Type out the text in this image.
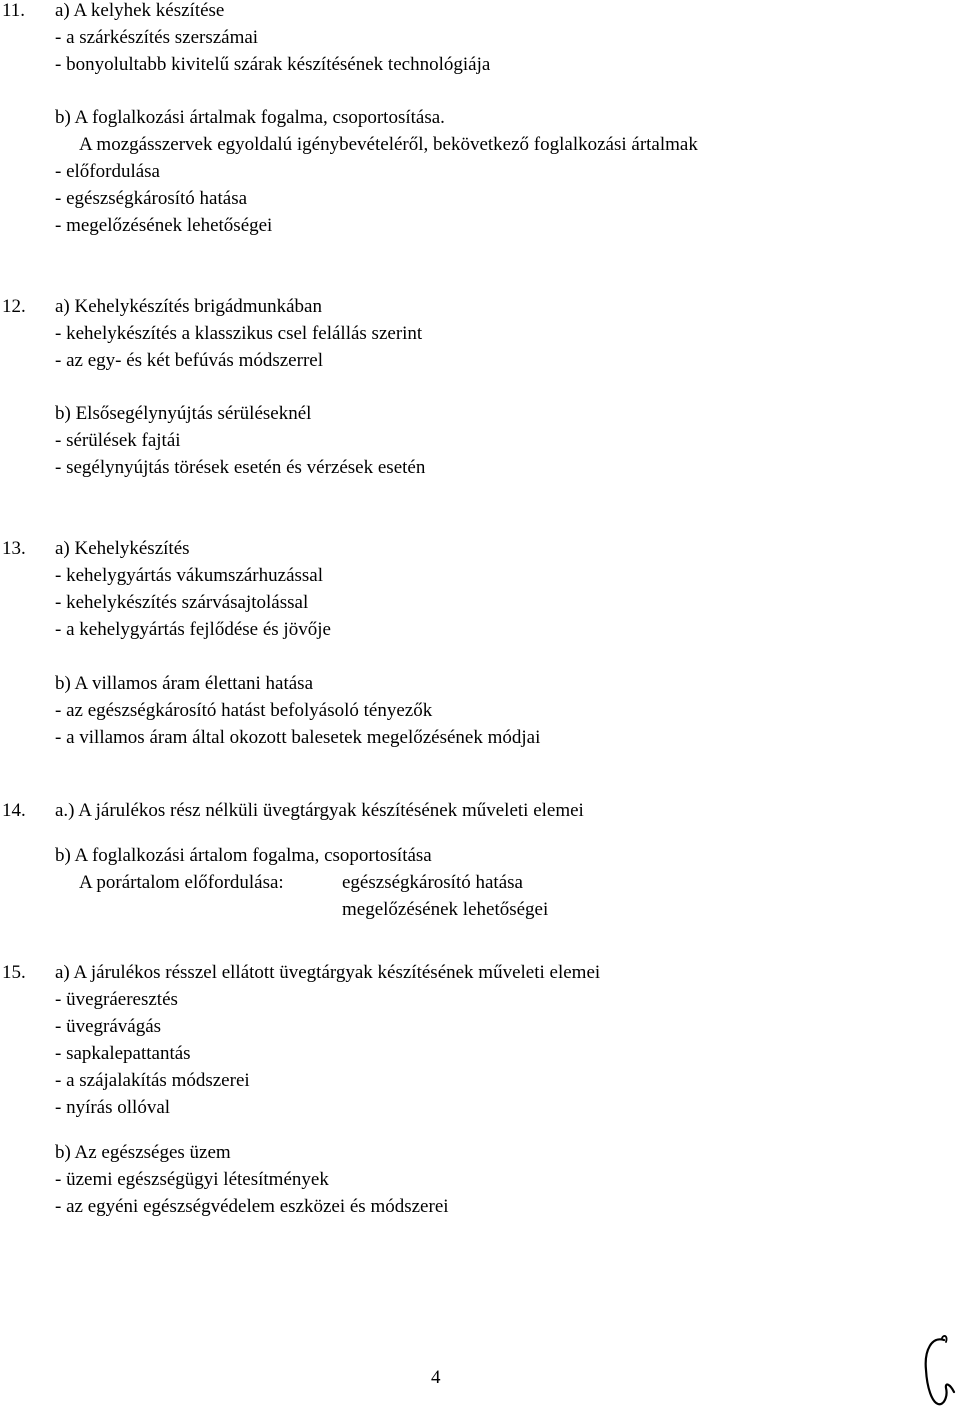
11. a) A kelyhek készítése
- a szárkészítés szerszámai
- bonyolultabb kivitelű szárak készítésének technológiája
b) A foglalkozási ártalmak fogalma, csoportosítása.
A mozgásszervek egyoldalú igénybevételéről, bekövetkező foglalkozási ártalmak
- előfordulása
- egészségkárosító hatása
- megelőzésének lehetőségei
12. a) Kehelykészítés brigádmunkában
- kehelykészítés a klasszikus csel felállás szerint
- az egy- és két befúvás módszerrel
b) Elsősegélynyújtás sérüléseknél
- sérülések fajtái
- segélynyújtás törések esetén és vérzések esetén
13. a) Kehelykészítés
- kehelygyártás vákumszárhuzással
- kehelykészítés szárvásajtolással
- a kehelygyártás fejlődése és jövője
b) A villamos áram élettani hatása
- az egészségkárosító hatást befolyásoló tényezők
- a villamos áram által okozott balesetek megelőzésének módjai
14. a.) A járulékos rész nélküli üvegtárgyak készítésének műveleti elemei
b) A foglalkozási ártalom fogalma, csoportosítása
A porártalom előfordulása:	egészségkárosító hatása
megelőzésének lehetőségei
15. a) A járulékos résszel ellátott üvegtárgyak készítésének műveleti elemei
- üvegráeresztés
- üvegrávágás
- sapkalepattantás
- a szájalakítás módszerei
- nyírás ollóval
b) Az egészséges üzem
- üzemi egészségügyi létesítmények
- az egyéni egészségvédelem eszközei és módszerei
4
